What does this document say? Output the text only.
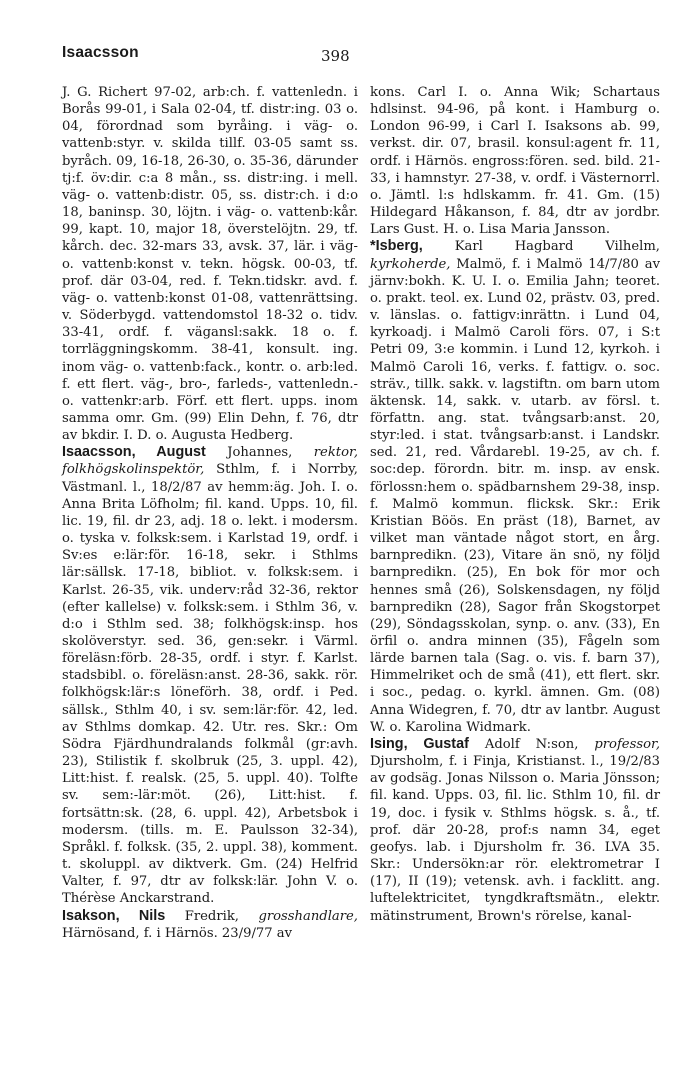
Isaacsson	398

J. G. Richert 97-02, arb:ch. f. vattenledn. i Borås 99-01, i Sala 02-04, tf. distr:ing. 03 o. 04, förordnad som byråing. i väg- o. vattenb:styr. v. skilda tillf. 03-05 samt ss. byråch. 09, 16-18, 26-30, o. 35-36, därunder tj:f. öv:dir. c:a 8 mån., ss. distr:ing. i mell. väg- o. vattenb:distr. 05, ss. distr:ch. i d:o 18, baninsp. 30, löjtn. i väg- o. vattenb:kår. 99, kapt. 10, major 18, överstelöjtn. 29, tf. kårch. dec. 32-mars 33, avsk. 37, lär. i väg- o. vattenb:konst v. tekn. högsk. 00-03, tf. prof. där 03-04, red. f. Tekn.tidskr. avd. f. väg- o. vattenb:konst 01-08, vattenrättsing. v. Söderbygd. vattendomstol 18-32 o. tidv. 33-41, ordf. f. vägansl:sakk. 18 o. f. torrläggningskomm. 38-41, konsult. ing. inom väg- o. vattenb:fack., kontr. o. arb:led. f. ett flert. väg-, bro-, farleds-, vattenledn.- o. vattenkr:arb. Förf. ett flert. upps. inom samma omr. Gm. (99) Elin Dehn, f. 76, dtr av bkdir. I. D. o. Augusta Hedberg.

Isaacsson, August Johannes, rektor, folkhögskolinspektör, Sthlm, f. i Norrby, Västmanl. l., 18/2/87 av hemm:äg. Joh. I. o. Anna Brita Löfholm; fil. kand. Upps. 10, fil. lic. 19, fil. dr 23, adj. 18 o. lekt. i modersm. o. tyska v. folksk:sem. i Karlstad 19, ordf. i Sv:es e:lär:för. 16-18, sekr. i Sthlms lär:sällsk. 17-18, bibliot. v. folksk:sem. i Karlst. 26-35, vik. underv:råd 32-36, rektor (efter kallelse) v. folksk:sem. i Sthlm 36, v. d:o i Sthlm sed. 38; folkhögsk:insp. hos skolöverstyr. sed. 36, gen:sekr. i Värml. föreläsn:förb. 28-35, ordf. i styr. f. Karlst. stadsbibl. o. föreläsn:anst. 28-36, sakk. rör. folkhögsk:lär:s löneförh. 38, ordf. i Ped. sällsk., Sthlm 40, i sv. sem:lär:för. 42, led. av Sthlms domkap. 42. Utr. res. Skr.: Om Södra Fjärdhundralands folkmål (gr:avh. 23), Stilistik f. skolbruk (25, 3. uppl. 42), Litt:hist. f. realsk. (25, 5. uppl. 40). Tolfte sv. sem:-lär:möt. (26), Litt:hist. f. fortsättn:sk. (28, 6. uppl. 42), Arbetsbok i modersm. (tills. m. E. Paulsson 32-34), Språkl. f. folksk. (35, 2. uppl. 38), komment. t. skoluppl. av diktverk. Gm. (24) Helfrid Valter, f. 97, dtr av folksk:lär. John V. o. Thérèse Anckarstrand.

Isakson, Nils Fredrik, grosshandlare, Härnösand, f. i Härnös. 23/9/77 av

kons. Carl I. o. Anna Wik; Schartaus hdlsinst. 94-96, på kont. i Hamburg o. London 96-99, i Carl I. Isaksons ab. 99, verkst. dir. 07, brasil. konsul:agent fr. 11, ordf. i Härnös. engross:fören. sed. bild. 21-33, i hamnstyr. 27-38, v. ordf. i Västernorrl. o. Jämtl. l:s hdlskamm. fr. 41. Gm. (15) Hildegard Håkanson, f. 84, dtr av jordbr. Lars Gust. H. o. Lisa Maria Jansson.

*Isberg, Karl Hagbard Vilhelm, kyrkoherde, Malmö, f. i Malmö 14/7/80 av järnv:bokh. K. U. I. o. Emilia Jahn; teoret. o. prakt. teol. ex. Lund 02, prästv. 03, pred. v. länslas. o. fattigv:inrättn. i Lund 04, kyrkoadj. i Malmö Caroli förs. 07, i S:t Petri 09, 3:e kommin. i Lund 12, kyrkoh. i Malmö Caroli 16, verks. f. fattigv. o. soc. sträv., tillk. sakk. v. lagstiftn. om barn utom äktensk. 14, sakk. v. utarb. av försl. t. författn. ang. stat. tvångsarb:anst. 20, styr:led. i stat. tvångsarb:anst. i Landskr. sed. 21, red. Vårdarebl. 19-25, av ch. f. soc:dep. förordn. bitr. m. insp. av ensk. förlossn:hem o. spädbarnshem 29-38, insp. f. Malmö kommun. flicksk. Skr.: Erik Kristian Böös. En präst (18), Barnet, av vilket man väntade något stort, en årg. barnpredikn. (23), Vitare än snö, ny följd barnpredikn. (25), En bok för mor och hennes små (26), Solskensdagen, ny följd barnpredikn (28), Sagor från Skogstorpet (29), Söndagsskolan, synp. o. anv. (33), En örfil o. andra minnen (35), Fågeln som lärde barnen tala (Sag. o. vis. f. barn 37), Himmelriket och de små (41), ett flert. skr. i soc., pedag. o. kyrkl. ämnen. Gm. (08) Anna Widegren, f. 70, dtr av lantbr. August W. o. Karolina Widmark.

Ising, Gustaf Adolf N:son, professor, Djursholm, f. i Finja, Kristianst. l., 19/2/83 av godsäg. Jonas Nilsson o. Maria Jönsson; fil. kand. Upps. 03, fil. lic. Sthlm 10, fil. dr 19, doc. i fysik v. Sthlms högsk. s. å., tf. prof. där 20-28, prof:s namn 34, eget geofys. lab. i Djursholm fr. 36. LVA 35. Skr.: Undersökn:ar rör. elektrometrar I (17), II (19); vetensk. avh. i facklitt. ang. luftelektricitet, tyngdkraftsmätn., elektr. mätinstrument, Brown's rörelse, kanal-
